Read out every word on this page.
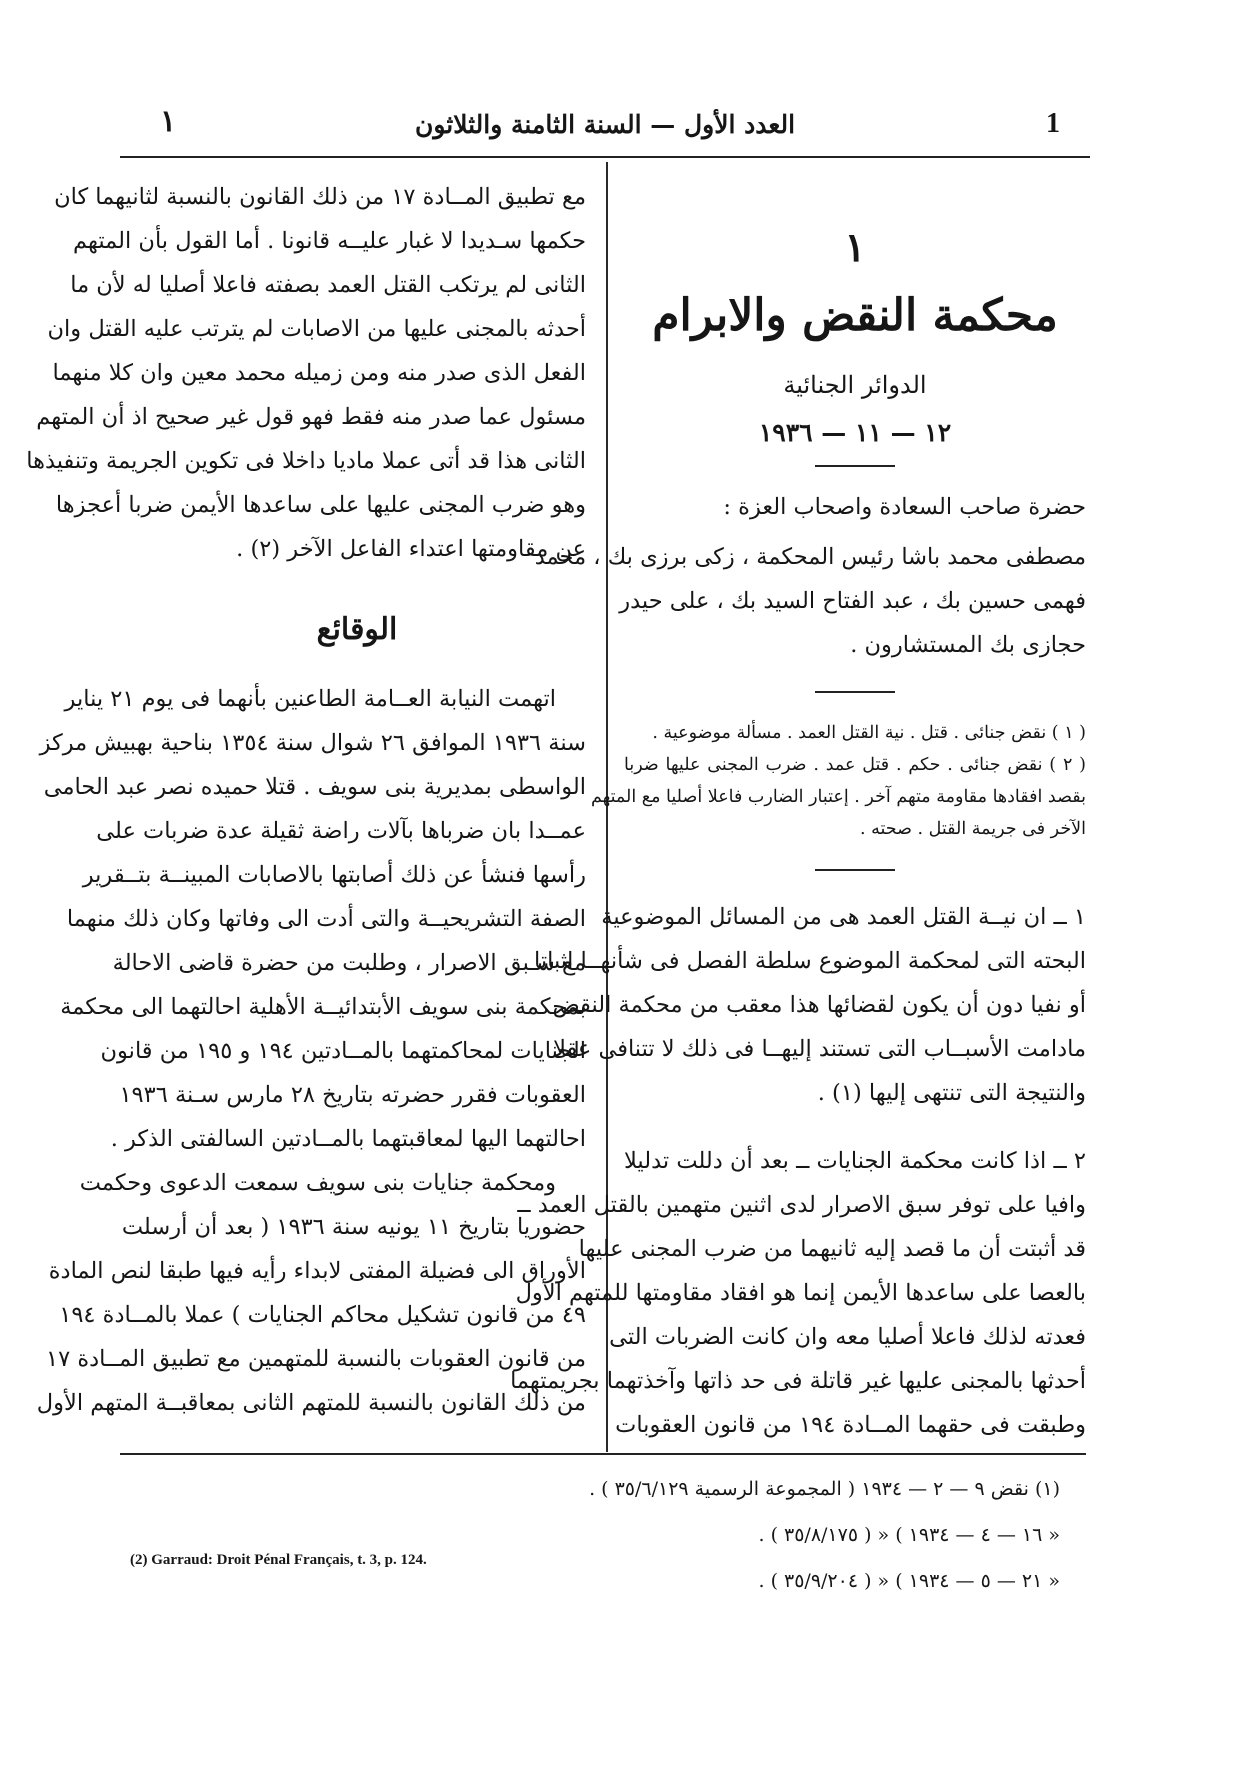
١	العدد الأول — السنة الثامنة والثلاثون	1
١
محكمة النقض والابرام
الدوائر الجنائية
١٢ — ١١ — ١٩٣٦
حضرة صاحب السعادة واصحاب العزة :
مصطفى محمد باشا رئيس المحكمة ، زكى برزى بك ، محمد
فهمى حسين بك ، عبد الفتاح السيد بك ، على حيدر
حجازى بك المستشارون .
( ١ ) نقض جنائى . قتل . نية القتل العمد . مسألة موضوعية .
( ٢ ) نقض جنائى . حكم . قتل عمد . ضرب المجنى عليها ضربا
بقصد افقادها مقاومة متهم آخر . إعتبار الضارب فاعلا أصليا مع المتهم
الآخر فى جريمة القتل . صحته .
١ ــ ان نيــة القتل العمد هى من المسائل الموضوعية
البحته التى لمحكمة الموضوع سلطة الفصل فى شأنهــا اثباتا
أو نفيا دون أن يكون لقضائها هذا معقب من محكمة النقض
مادامت الأسبــاب التى تستند إليهــا فى ذلك لا تتنافى عقلا
والنتيجة التى تنتهى إليها (١) .
٢ ــ اذا كانت محكمة الجنايات ــ بعد أن دللت تدليلا
وافيا على توفر سبق الاصرار لدى اثنين متهمين بالقتل العمد ــ
قد أثبتت أن ما قصد إليه ثانيهما من ضرب المجنى عليها
بالعصا على ساعدها الأيمن إنما هو افقاد مقاومتها للمتهم الأول
فعدته لذلك فاعلا أصليا معه وان كانت الضربات التى
أحدثها بالمجنى عليها غير قاتلة فى حد ذاتها وآخذتهما بجريمتهما
وطبقت فى حقهما المــادة ١٩٤ من قانون العقوبات
مع تطبيق المــادة ١٧ من ذلك القانون بالنسبة لثانيهما كان
حكمها سـديدا لا غبار عليــه قانونا . أما القول بأن المتهم
الثانى لم يرتكب القتل العمد بصفته فاعلا أصليا له لأن ما
أحدثه بالمجنى عليها من الاصابات لم يترتب عليه القتل وان
الفعل الذى صدر منه ومن زميله محمد معين وان كلا منهما
مسئول عما صدر منه فقط فهو قول غير صحيح اذ أن المتهم
الثانى هذا قد أتى عملا ماديا داخلا فى تكوين الجريمة وتنفيذها
وهو ضرب المجنى عليها على ساعدها الأيمن ضربا أعجزها
عن مقاومتها اعتداء الفاعل الآخر (٢) .
الوقائع
اتهمت النيابة العــامة الطاعنين بأنهما فى يوم ٢١ يناير
سنة ١٩٣٦ الموافق ٢٦ شوال سنة ١٣٥٤ بناحية بهبيش مركز
الواسطى بمديرية بنى سويف . قتلا حميده نصر عبد الحامى
عمــدا بان ضرباها بآلات راضة ثقيلة عدة ضربات على
رأسها فنشأ عن ذلك أصابتها بالاصابات المبينــة بتــقرير
الصفة التشريحيــة والتى أدت الى وفاتها وكان ذلك منهما
مع سـبق الاصرار ، وطلبت من حضرة قاضى الاحالة
بمحكمة بنى سويف الأبتدائيــة الأهلية احالتهما الى محكمة
الجنايات لمحاكمتهما بالمــادتين ١٩٤ و ١٩٥ من قانون
العقوبات فقرر حضرته بتاريخ ٢٨ مارس سـنة ١٩٣٦
احالتهما اليها لمعاقبتهما بالمــادتين السالفتى الذكر .
ومحكمة جنايات بنى سويف سمعت الدعوى وحكمت
حضوريا بتاريخ ١١ يونيه سنة ١٩٣٦ ( بعد أن أرسلت
الأوراق الى فضيلة المفتى لابداء رأيه فيها طبقا لنص المادة
٤٩ من قانون تشكيل محاكم الجنايات ) عملا بالمــادة ١٩٤
من قانون العقوبات بالنسبة للمتهمين مع تطبيق المــادة ١٧
من ذلك القانون بالنسبة للمتهم الثانى بمعاقبــة المتهم الأول
(١) نقض ٩ — ٢ — ١٩٣٤ ( المجموعة الرسمية ٣٥/٦/١٢٩ ) .
« ١٦ — ٤ — ١٩٣٤ ) « ( ٣٥/٨/١٧٥ ) .
« ٢١ — ٥ — ١٩٣٤ ) « ( ٣٥/٩/٢٠٤ ) .
(2) Garraud: Droit Pénal Français, t. 3, p. 124.
